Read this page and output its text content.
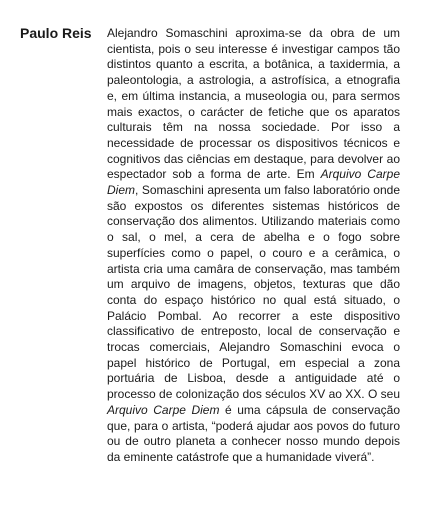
Paulo Reis Alejandro Somaschini aproxima-se da obra de um cientista, pois o seu interesse é investigar campos tão distintos quanto a escrita, a botânica, a taxidermia, a paleontologia, a astrologia, a astrofísica, a etnografia e, em última instancia, a museologia ou, para sermos mais exactos, o carácter de fetiche que os aparatos culturais têm na nossa sociedade. Por isso a necessidade de processar os dispositivos técnicos e cognitivos das ciências em destaque, para devolver ao espectador sob a forma de arte. Em Arquivo Carpe Diem, Somaschini apresenta um falso laboratório onde são expostos os diferentes sistemas históricos de conservação dos alimentos. Utilizando materiais como o sal, o mel, a cera de abelha e o fogo sobre superfícies como o papel, o couro e a cerâmica, o artista cria uma camâra de conservação, mas também um arquivo de imagens, objetos, texturas que dão conta do espaço histórico no qual está situado, o Palácio Pombal. Ao recorrer a este dispositivo classificativo de entreposto, local de conservação e trocas comerciais, Alejandro Somaschini evoca o papel histórico de Portugal, em especial a zona portuária de Lisboa, desde a antiguidade até o processo de colonização dos séculos XV ao XX. O seu Arquivo Carpe Diem é uma cápsula de conservação que, para o artista, “poderá ajudar aos povos do futuro ou de outro planeta a conhecer nosso mundo depois da eminente catástrofe que a humanidade viverá”.
